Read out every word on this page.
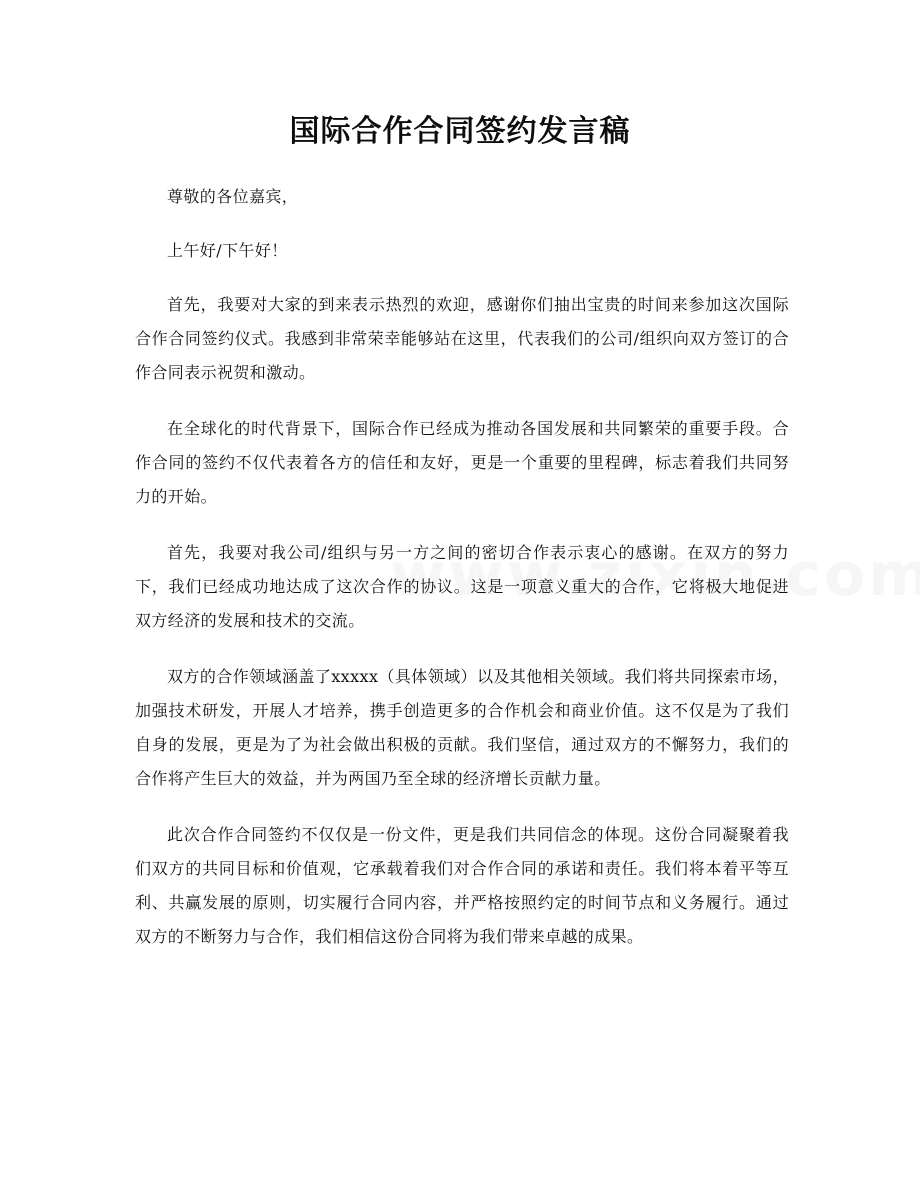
国际合作合同签约发言稿

尊敬的各位嘉宾，

上午好/下午好！

首先，我要对大家的到来表示热烈的欢迎，感谢你们抽出宝贵的时间来参加这次国际合作合同签约仪式。我感到非常荣幸能够站在这里，代表我们的公司/组织向双方签订的合作合同表示祝贺和激动。

在全球化的时代背景下，国际合作已经成为推动各国发展和共同繁荣的重要手段。合作合同的签约不仅代表着各方的信任和友好，更是一个重要的里程碑，标志着我们共同努力的开始。

首先，我要对我公司/组织与另一方之间的密切合作表示衷心的感谢。在双方的努力下，我们已经成功地达成了这次合作的协议。这是一项意义重大的合作，它将极大地促进双方经济的发展和技术的交流。

双方的合作领域涵盖了xxxxx（具体领域）以及其他相关领域。我们将共同探索市场，加强技术研发，开展人才培养，携手创造更多的合作机会和商业价值。这不仅是为了我们自身的发展，更是为了为社会做出积极的贡献。我们坚信，通过双方的不懈努力，我们的合作将产生巨大的效益，并为两国乃至全球的经济增长贡献力量。

此次合作合同签约不仅仅是一份文件，更是我们共同信念的体现。这份合同凝聚着我们双方的共同目标和价值观，它承载着我们对合作合同的承诺和责任。我们将本着平等互利、共赢发展的原则，切实履行合同内容，并严格按照约定的时间节点和义务履行。通过双方的不断努力与合作，我们相信这份合同将为我们带来卓越的成果。
